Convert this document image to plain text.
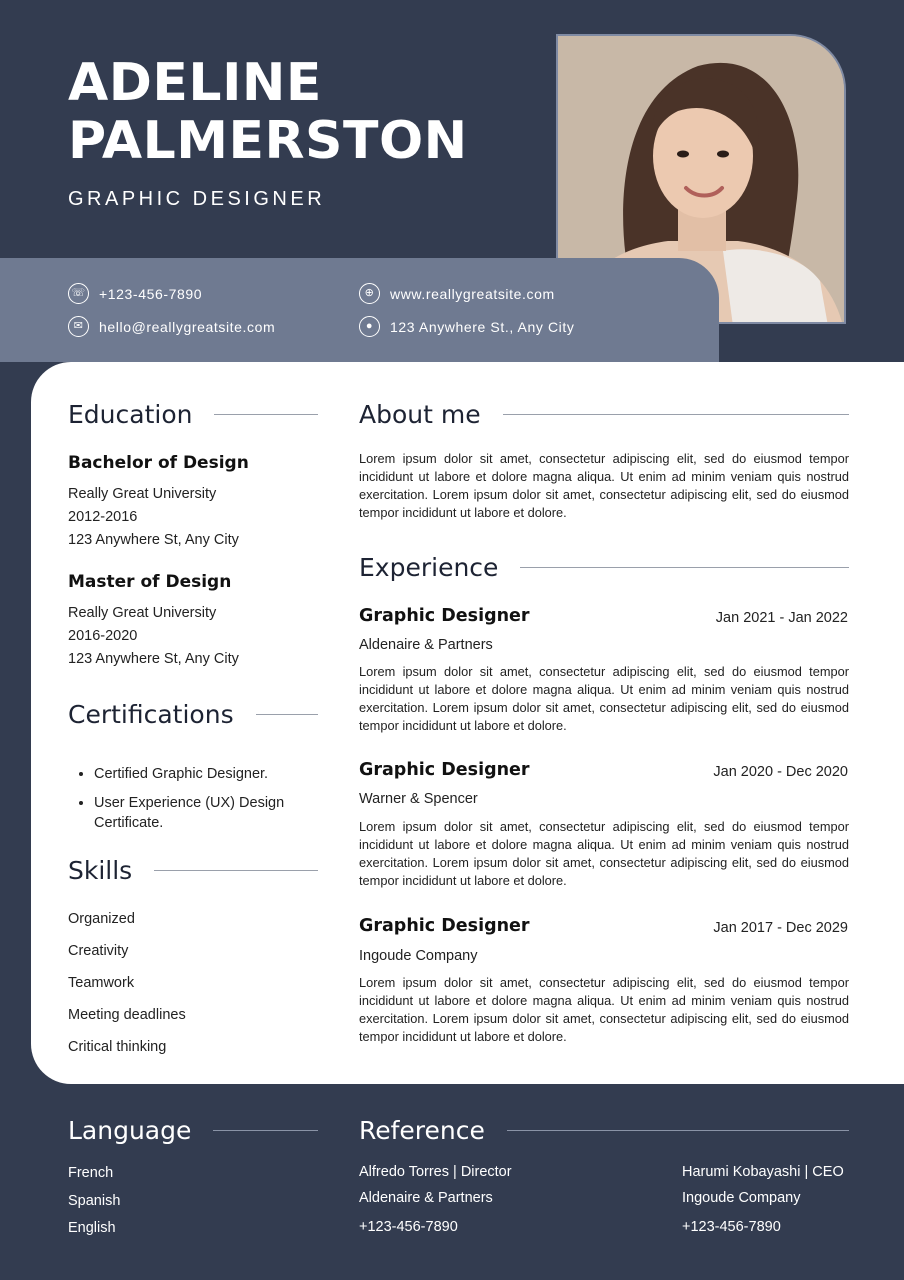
ADELINE
PALMERSTON
GRAPHIC DESIGNER
☏ +123-456-7890
✉	hello@reallygreatsite.com
⊕	www.reallygreatsite.com
●	123 Anywhere St., Any City
Education
Bachelor of Design
Really Great University
2012-2016
123 Anywhere St, Any City
Master of Design
Really Great University
2016-2020
123 Anywhere St, Any City
Certifications
• Certified Graphic Designer.
• User Experience (UX) Design Certificate.
Skills
Organized
Creativity
Teamwork
Meeting deadlines
Critical thinking
About me
Lorem ipsum dolor sit amet, consectetur adipiscing elit, sed do eiusmod tempor incididunt ut labore et dolore magna aliqua. Ut enim ad minim veniam quis nostrud exercitation. Lorem ipsum dolor sit amet, consectetur adipiscing elit, sed do eiusmod tempor incididunt ut labore et dolore.
Experience
Graphic Designer	Jan 2021 - Jan 2022
Aldenaire & Partners
Lorem ipsum dolor sit amet, consectetur adipiscing elit, sed do eiusmod tempor incididunt ut labore et dolore magna aliqua. Ut enim ad minim veniam quis nostrud exercitation. Lorem ipsum dolor sit amet, consectetur adipiscing elit, sed do eiusmod tempor incididunt ut labore et dolore.
Graphic Designer	Jan 2020 - Dec 2020
Warner & Spencer
Lorem ipsum dolor sit amet, consectetur adipiscing elit, sed do eiusmod tempor incididunt ut labore et dolore magna aliqua. Ut enim ad minim veniam quis nostrud exercitation. Lorem ipsum dolor sit amet, consectetur adipiscing elit, sed do eiusmod tempor incididunt ut labore et dolore.
Graphic Designer	Jan 2017 - Dec 2029
Ingoude Company
Lorem ipsum dolor sit amet, consectetur adipiscing elit, sed do eiusmod tempor incididunt ut labore et dolore magna aliqua. Ut enim ad minim veniam quis nostrud exercitation. Lorem ipsum dolor sit amet, consectetur adipiscing elit, sed do eiusmod tempor incididunt ut labore et dolore.
Language
French
Spanish
English
Reference
Alfredo Torres | Director
Aldenaire & Partners
+123-456-7890
Harumi Kobayashi | CEO
Ingoude Company
+123-456-7890
